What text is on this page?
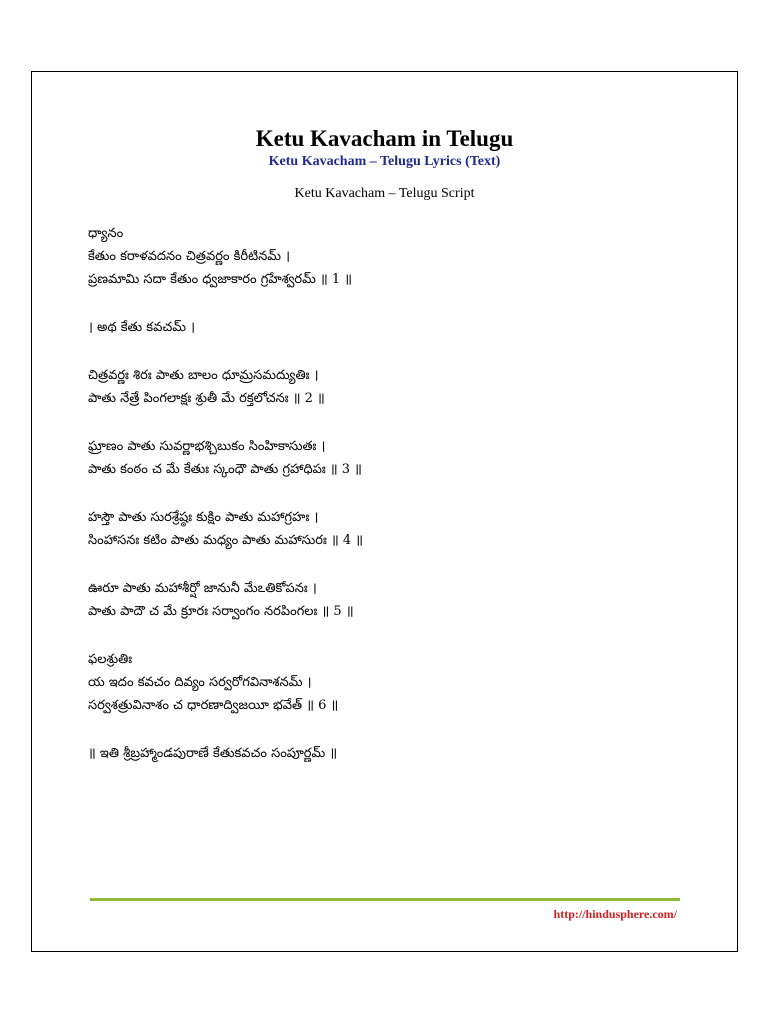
Ketu Kavacham in Telugu
Ketu Kavacham – Telugu Lyrics (Text)
Ketu Kavacham – Telugu Script
ధ్యానం
కేతుం కరాళవదనం చిత్రవర్ణం కిరీటినమ్ ।
ప్రణమామి సదా కేతుం ధ్వజాకారం గ్రహేశ్వరమ్ ॥ 1 ॥
। అథ కేతు కవచమ్ ।
చిత్రవర్ణః శిరః పాతు బాలం ధూమ్రసమద్యుతిః ।
పాతు నేత్రే పింగలాక్షః శ్రుతీ మే రక్తలోచనః ॥ 2 ॥
ఘ్రాణం పాతు సువర్ణాభశ్చిబుకం సింహికాసుతః ।
పాతు కంఠం చ మే కేతుః స్కంధౌ పాతు గ్రహాధిపః ॥ 3 ॥
హస్తౌ పాతు సురశ్రేష్ఠః కుక్షిం పాతు మహాగ్రహః ।
సింహాసనః కటిం పాతు మధ్యం పాతు మహాసురః ॥ 4 ॥
ఊరూ పాతు మహాశీర్షో జానునీ మేఽతికోపనః ।
పాతు పాదౌ చ మే క్రూరః సర్వాంగం నరపింగలః ॥ 5 ॥
ఫలశ్రుతిః
య ఇదం కవచం దివ్యం సర్వరోగవినాశనమ్ ।
సర్వశత్రువినాశం చ ధారణాద్విజయీ భవేత్ ॥ 6 ॥
॥ ఇతి శ్రీబ్రహ్మాండపురాణే కేతుకవచం సంపూర్ణమ్ ॥
http://hindusphere.com/
